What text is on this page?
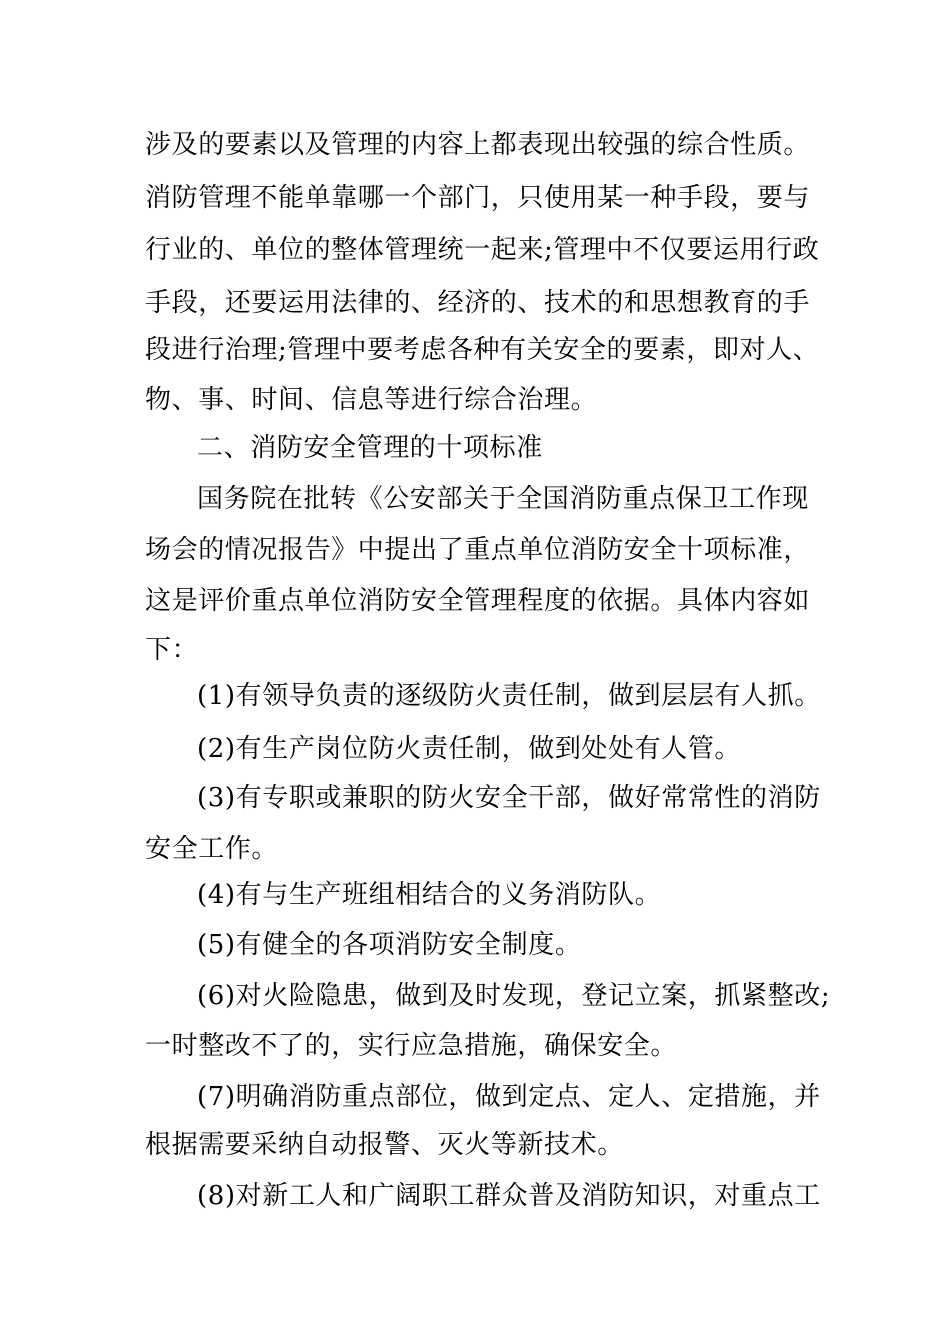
涉及的要素以及管理的内容上都表现出较强的综合性质。
消防管理不能单靠哪一个部门，只使用某一种手段，要与
行业的、单位的整体管理统一起来;管理中不仅要运用行政
手段，还要运用法律的、经济的、技术的和思想教育的手
段进行治理;管理中要考虑各种有关安全的要素，即对人、
物、事、时间、信息等进行综合治理。
二、消防安全管理的十项标准
国务院在批转《公安部关于全国消防重点保卫工作现
场会的情况报告》中提出了重点单位消防安全十项标准，
这是评价重点单位消防安全管理程度的依据。具体内容如
下：
(1)有领导负责的逐级防火责任制，做到层层有人抓。
(2)有生产岗位防火责任制，做到处处有人管。
(3)有专职或兼职的防火安全干部，做好常常性的消防
安全工作。
(4)有与生产班组相结合的义务消防队。
(5)有健全的各项消防安全制度。
(6)对火险隐患，做到及时发现，登记立案，抓紧整改;
一时整改不了的，实行应急措施，确保安全。
(7)明确消防重点部位，做到定点、定人、定措施，并
根据需要采纳自动报警、灭火等新技术。
(8)对新工人和广阔职工群众普及消防知识，对重点工
